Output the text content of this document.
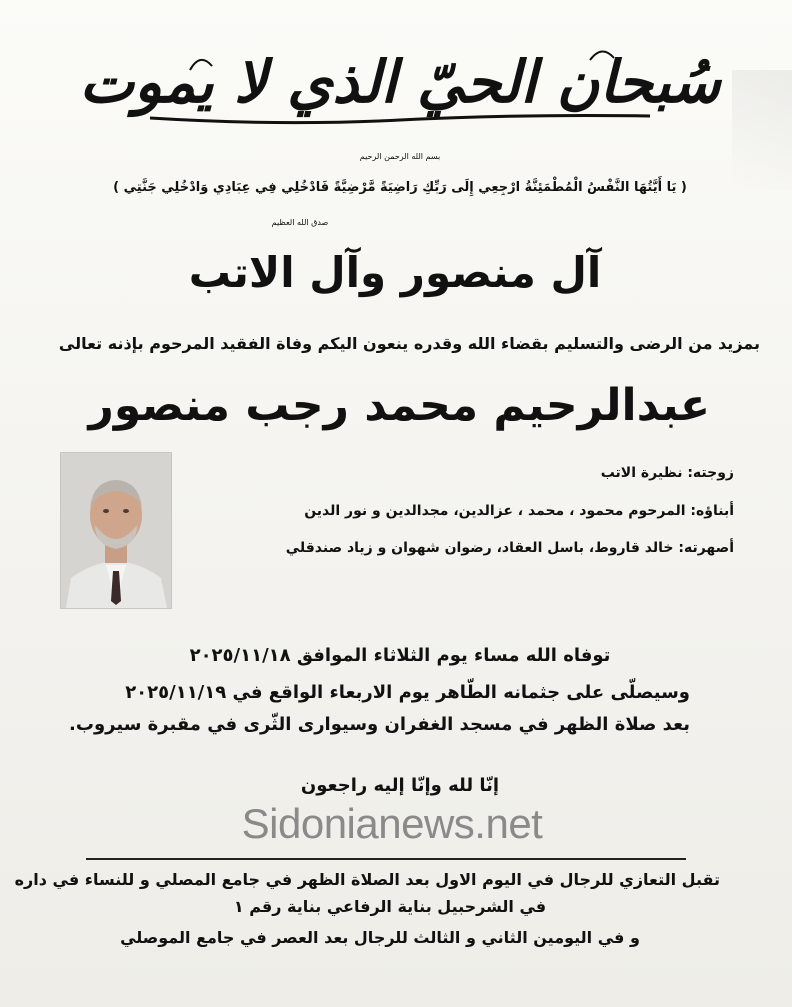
سُبحان الحيّ الذي لا يموت
بسم الله الرحمن الرحيم
( يَا أَيَّتُهَا النَّفْسُ الْمُطْمَئِنَّةُ ارْجِعِي إِلَى رَبِّكِ رَاضِيَةً مَّرْضِيَّةً فَادْخُلِي فِي عِبَادِي وَادْخُلِي جَنَّتِي )
صدق الله العظيم
آل منصور وآل الاتب
بمزيد من الرضى والتسليم بقضاء الله وقدره ينعون اليكم وفاة الفقيد المرحوم بإذنه تعالى
عبدالرحيم محمد رجب منصور
زوجته: نظيرة الاتب
أبناؤه: المرحوم محمود ، محمد ، عزالدين، مجدالدين و نور الدين
أصهرته: خالد قاروط، باسل العقاد، رضوان شهوان و زياد صندقلي
توفاه الله مساء يوم الثلاثاء الموافق ٢٠٢٥/١١/١٨
وسيصلّى على جثمانه الطّاهر يوم الاربعاء الواقع في ٢٠٢٥/١١/١٩
بعد صلاة الظهر في مسجد الغفران وسيوارى الثّرى في مقبرة سيروب.
إنّا لله وإنّا إليه راجعون
Sidonianews.net
تقبل التعازي للرجال في اليوم الاول بعد الصلاة الظهر في جامع المصلي و للنساء في داره
في الشرحبيل بناية الرفاعي بناية رقم ١
و في اليومين الثاني و الثالث للرجال بعد العصر في جامع الموصلي
